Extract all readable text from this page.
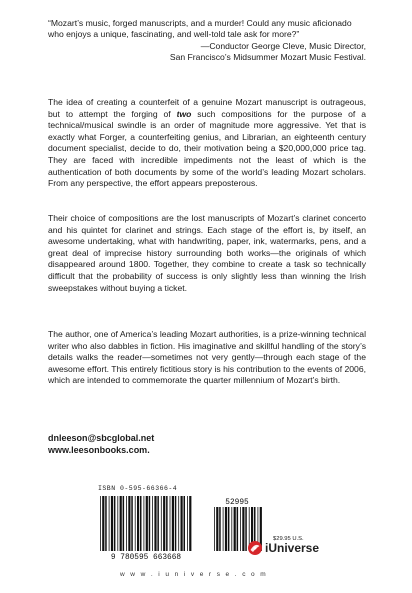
“Mozart’s music, forged manuscripts, and a murder! Could any music aficionado who enjoys a unique, fascinating, and well-told tale ask for more?”
—Conductor George Cleve, Music Director,
San Francisco’s Midsummer Mozart Music Festival.

The idea of creating a counterfeit of a genuine Mozart manuscript is outrageous, but to attempt the forging of two such compositions for the purpose of a technical/musical swindle is an order of magnitude more aggressive. Yet that is exactly what Forger, a counterfeiting genius, and Librarian, an eighteenth century document specialist, decide to do, their motivation being a $20,000,000 price tag. They are faced with incredible impediments not the least of which is the authentication of both documents by some of the world’s leading Mozart scholars. From any perspective, the effort appears preposterous.

Their choice of compositions are the lost manuscripts of Mozart’s clarinet concerto and his quintet for clarinet and strings. Each stage of the effort is, by itself, an awesome undertaking, what with handwriting, paper, ink, watermarks, pens, and a great deal of imprecise history surrounding both works—the originals of which disappeared around 1800. Together, they combine to create a task so technically difficult that the probability of success is only slightly less than winning the Irish sweepstakes without buying a ticket.

The author, one of America’s leading Mozart authorities, is a prize-winning technical writer who also dabbles in fiction. His imaginative and skillful handling of the story’s details walks the reader—sometimes not very gently—through each stage of the awesome effort. This entirely fictitious story is his contribution to the events of 2006, which are intended to commemorate the quarter millennium of Mozart’s birth.

dnleeson@sbcglobal.net
www.leesonbooks.com.
ISBN 0-595-66366-4
9 780595 663668
52995
$29.95 U.S.
iUniverse
w w w . i u n i v e r s e . c o m
